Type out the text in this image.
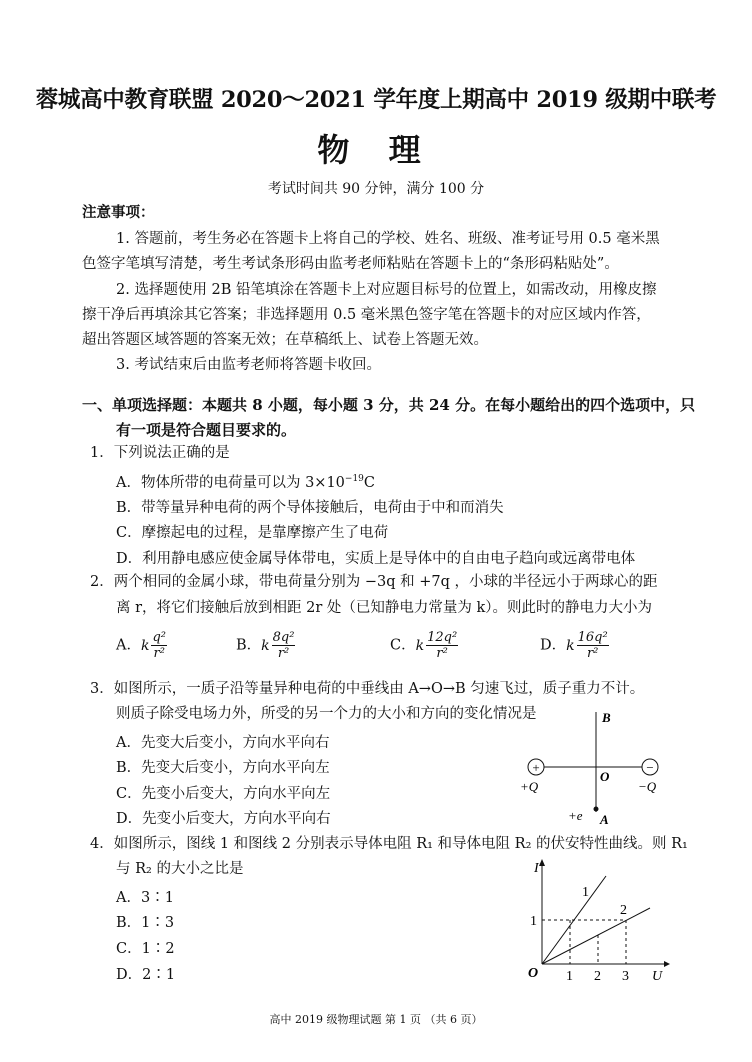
蓉城高中教育联盟 2020～2021 学年度上期高中 2019 级期中联考
物 理
考试时间共 90 分钟，满分 100 分
注意事项：
1. 答题前，考生务必在答题卡上将自己的学校、姓名、班级、准考证号用 0.5 毫米黑
色签字笔填写清楚，考生考试条形码由监考老师粘贴在答题卡上的“条形码粘贴处”。
2. 选择题使用 2B 铅笔填涂在答题卡上对应题目标号的位置上，如需改动，用橡皮擦
擦干净后再填涂其它答案；非选择题用 0.5 毫米黑色签字笔在答题卡的对应区域内作答，
超出答题区域答题的答案无效；在草稿纸上、试卷上答题无效。
3. 考试结束后由监考老师将答题卡收回。
一、单项选择题：本题共 8 小题，每小题 3 分，共 24 分。在每小题给出的四个选项中，只
有一项是符合题目要求的。
1．下列说法正确的是
A．物体所带的电荷量可以为 $3\times 10^{-19}C$
B．带等量异种电荷的两个导体接触后，电荷由于中和而消失
C．摩擦起电的过程，是靠摩擦产生了电荷
D．利用静电感应使金属导体带电，实质上是导体中的自由电子趋向或远离带电体
2．两个相同的金属小球，带电荷量分别为 −3q 和 +7q ，小球的半径远小于两球心的距
离 r，将它们接触后放到相距 2r 处（已知静电力常量为 k）。则此时的静电力大小为
A．k $\frac{\text{q²}}{\text{r²}}$	B．k $\frac{\text{8q²}}{\text{r²}}$	C．k $\frac{\text{12q²}}{\text{r²}}$	D．k $\frac{\text{16q²}}{\text{r²}}$
3．如图所示，一质子沿等量异种电荷的中垂线由 A→O→B 匀速飞过，质子重力不计。
则质子除受电场力外，所受的另一个力的大小和方向的变化情况是
A．先变大后变小，方向水平向右
B．先变大后变小，方向水平向左
C．先变小后变大，方向水平向左
D．先变小后变大，方向水平向右
+	−
B
O
+Q	−Q
+e A
4．如图所示，图线 1 和图线 2 分别表示导体电阻 R₁ 和导体电阻 R₂ 的伏安特性曲线。则 R₁
与 R₂ 的大小之比是
A．3∶1
B．1∶3
C．1∶2
D．2∶1
I
U
O
1
1 2 3
1
2
高中 2019 级物理试题 第 1 页 （共 6 页）
